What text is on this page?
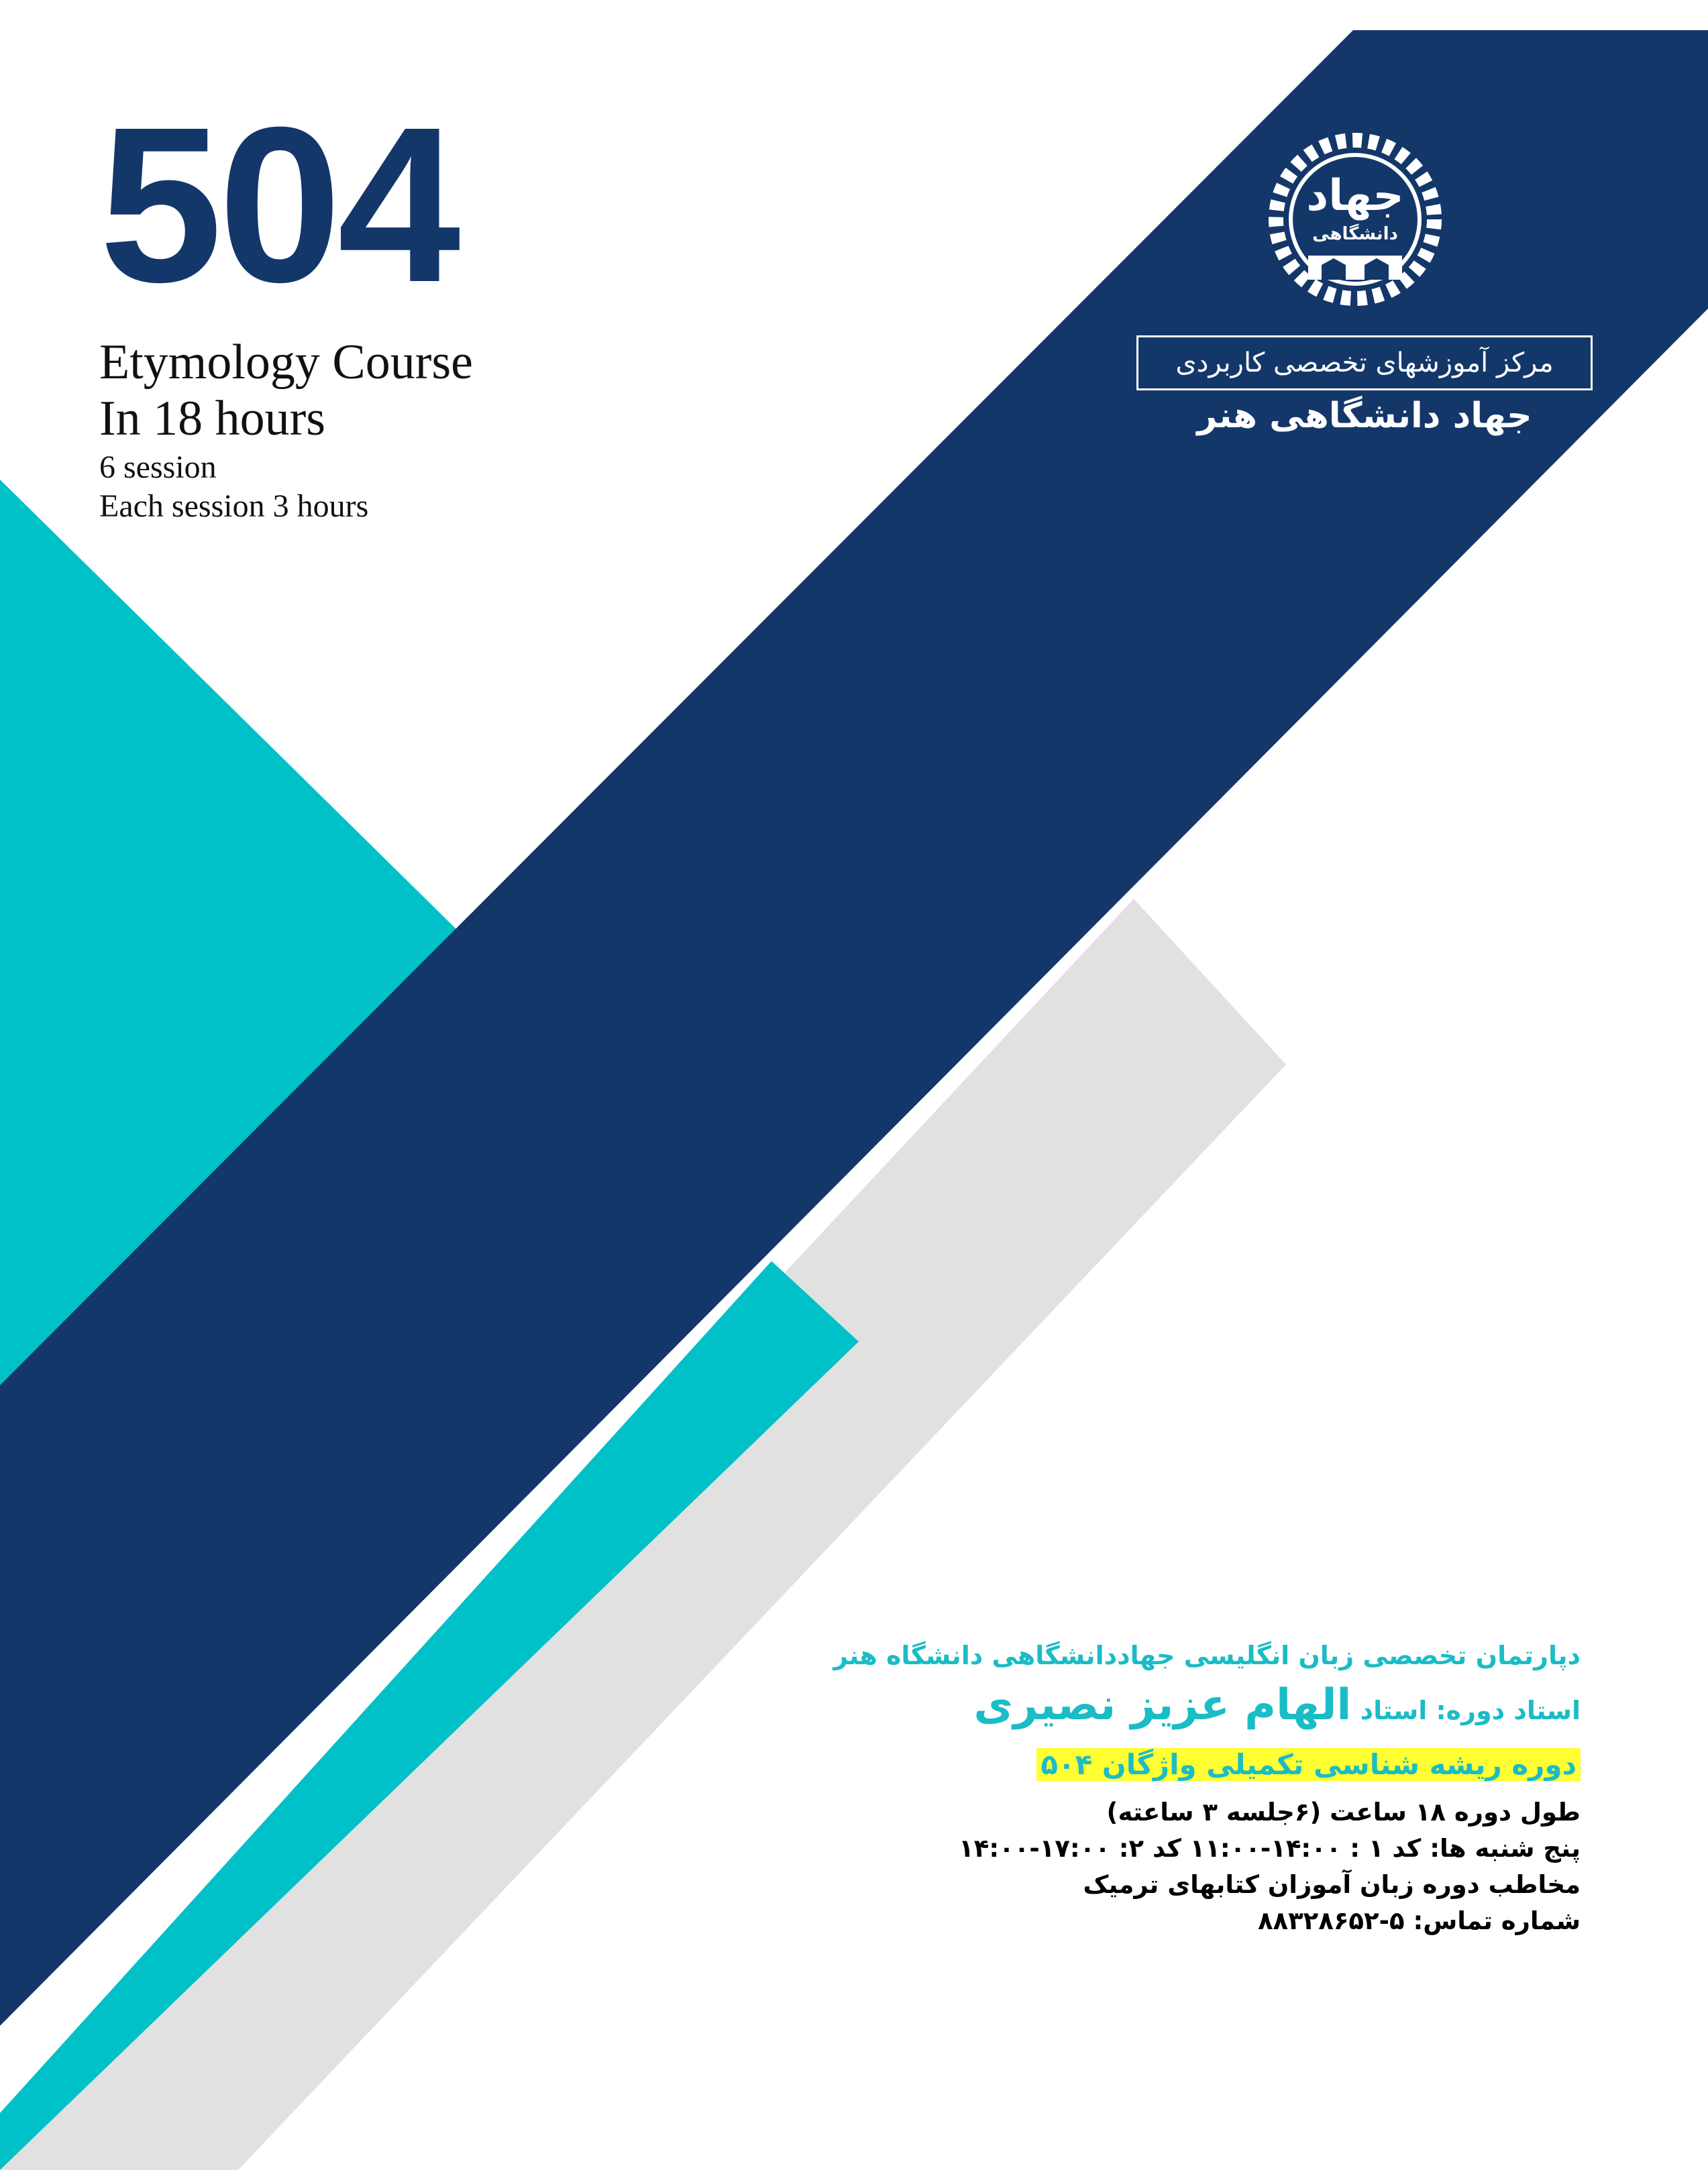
جهاد
دانشگاهی
مرکز آموزشهای تخصصی کاربردی
جهاد دانشگاهی هنر
504
Etymology Course
In 18 hours
6 session
Each session 3 hours
دپارتمان تخصصی زبان انگلیسی جهاددانشگاهی دانشگاه هنر
استاد دوره: استاد الهام عزیز نصیری
دوره ریشه شناسی تکمیلی واژگان ۵۰۴
طول دوره ۱۸ ساعت (۶جلسه ۳ ساعته)
پنج شنبه ها: کد ۱ : ۱۴:۰۰-۱۱:۰۰ کد ۲: ۱۷:۰۰-۱۴:۰۰
مخاطب دوره زبان آموزان کتابهای ترمیک
شماره تماس: ۵-۸۸۳۲۸۶۵۲
